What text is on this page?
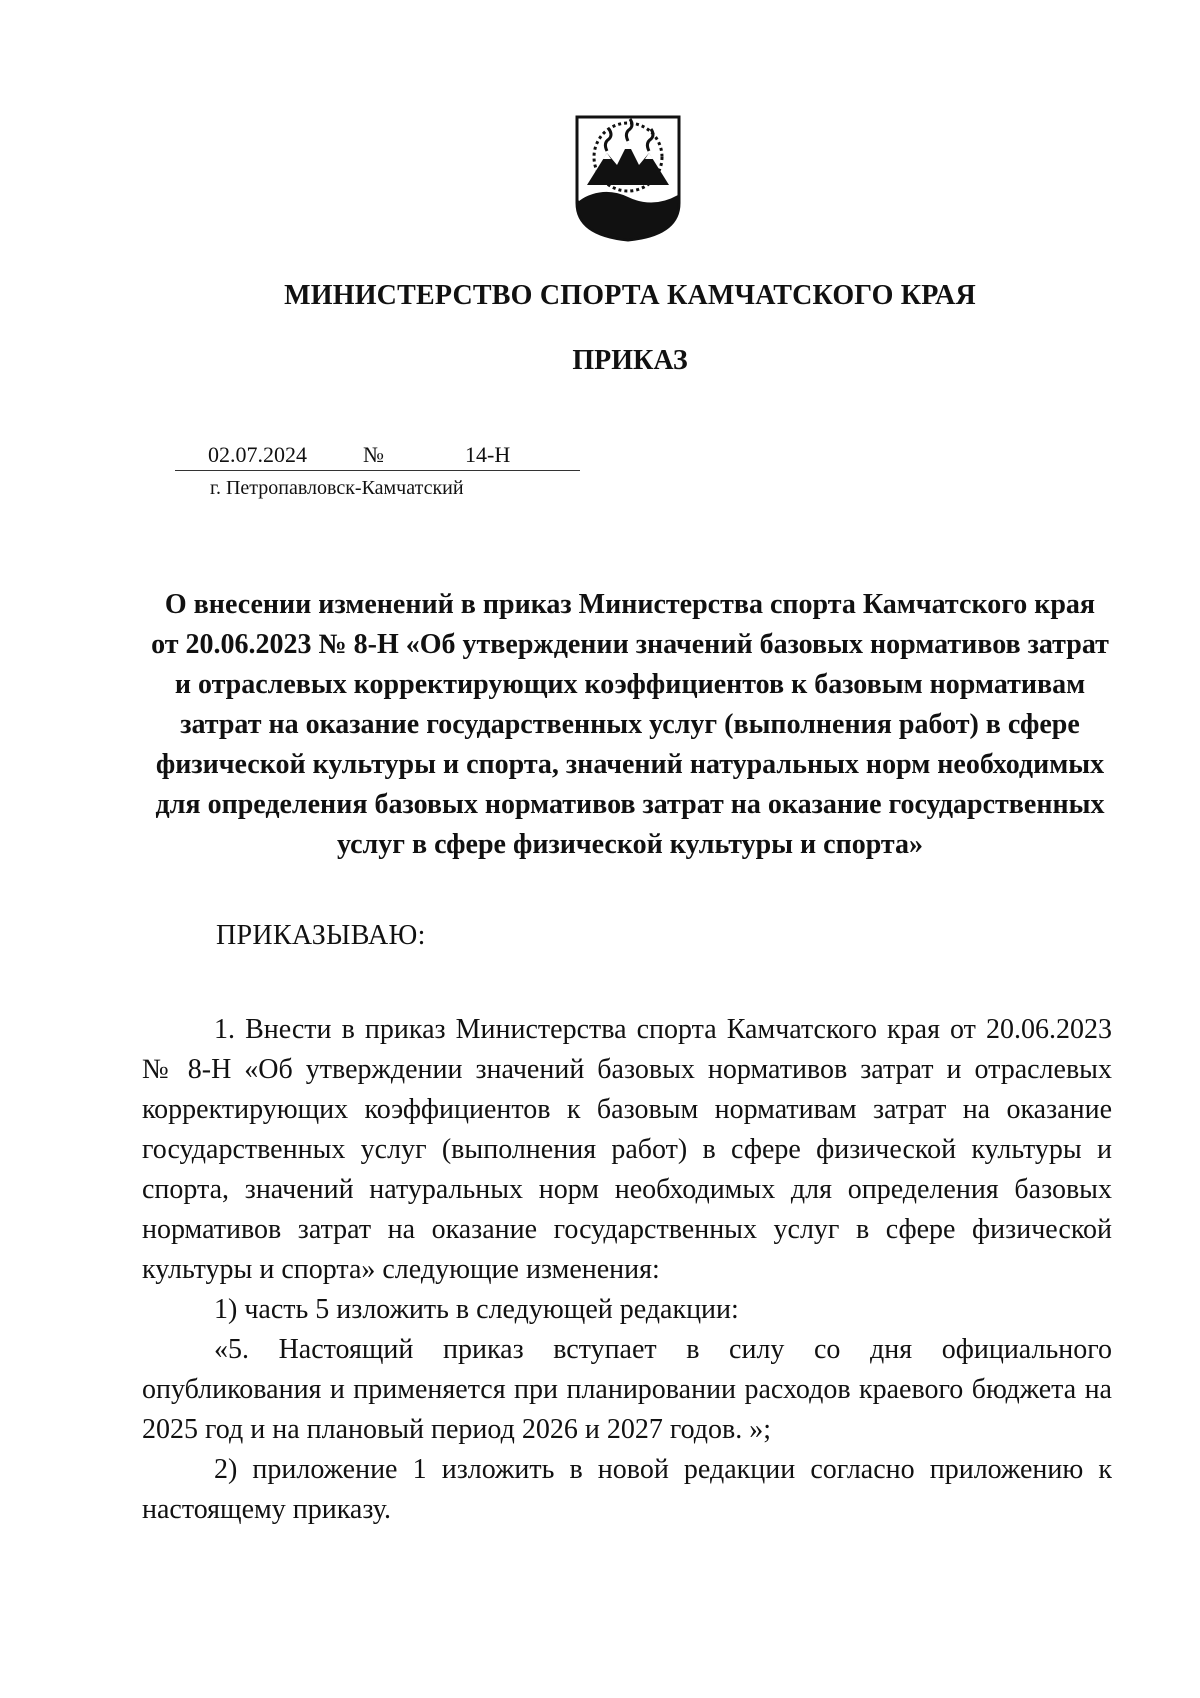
МИНИСТЕРСТВО СПОРТА КАМЧАТСКОГО КРАЯ
ПРИКАЗ
02.07.2024	№	14-Н
г. Петропавловск-Камчатский
О внесении изменений в приказ Министерства спорта Камчатского края от 20.06.2023 № 8-Н «Об утверждении значений базовых нормативов затрат и отраслевых корректирующих коэффициентов к базовым нормативам затрат на оказание государственных услуг (выполнения работ) в сфере физической культуры и спорта, значений натуральных норм необходимых для определения базовых нормативов затрат на оказание государственных услуг в сфере физической культуры и спорта»
ПРИКАЗЫВАЮ:

1. Внести в приказ Министерства спорта Камчатского края от 20.06.2023 № 8-Н «Об утверждении значений базовых нормативов затрат и отраслевых корректирующих коэффициентов к базовым нормативам затрат на оказание государственных услуг (выполнения работ) в сфере физической культуры и спорта, значений натуральных норм необходимых для определения базовых нормативов затрат на оказание государственных услуг в сфере физической культуры и спорта» следующие изменения:

1) часть 5 изложить в следующей редакции:

«5. Настоящий приказ вступает в силу со дня официального опубликования и применяется при планировании расходов краевого бюджета на 2025 год и на плановый период 2026 и 2027 годов. »;

2) приложение 1 изложить в новой редакции согласно приложению к настоящему приказу.
